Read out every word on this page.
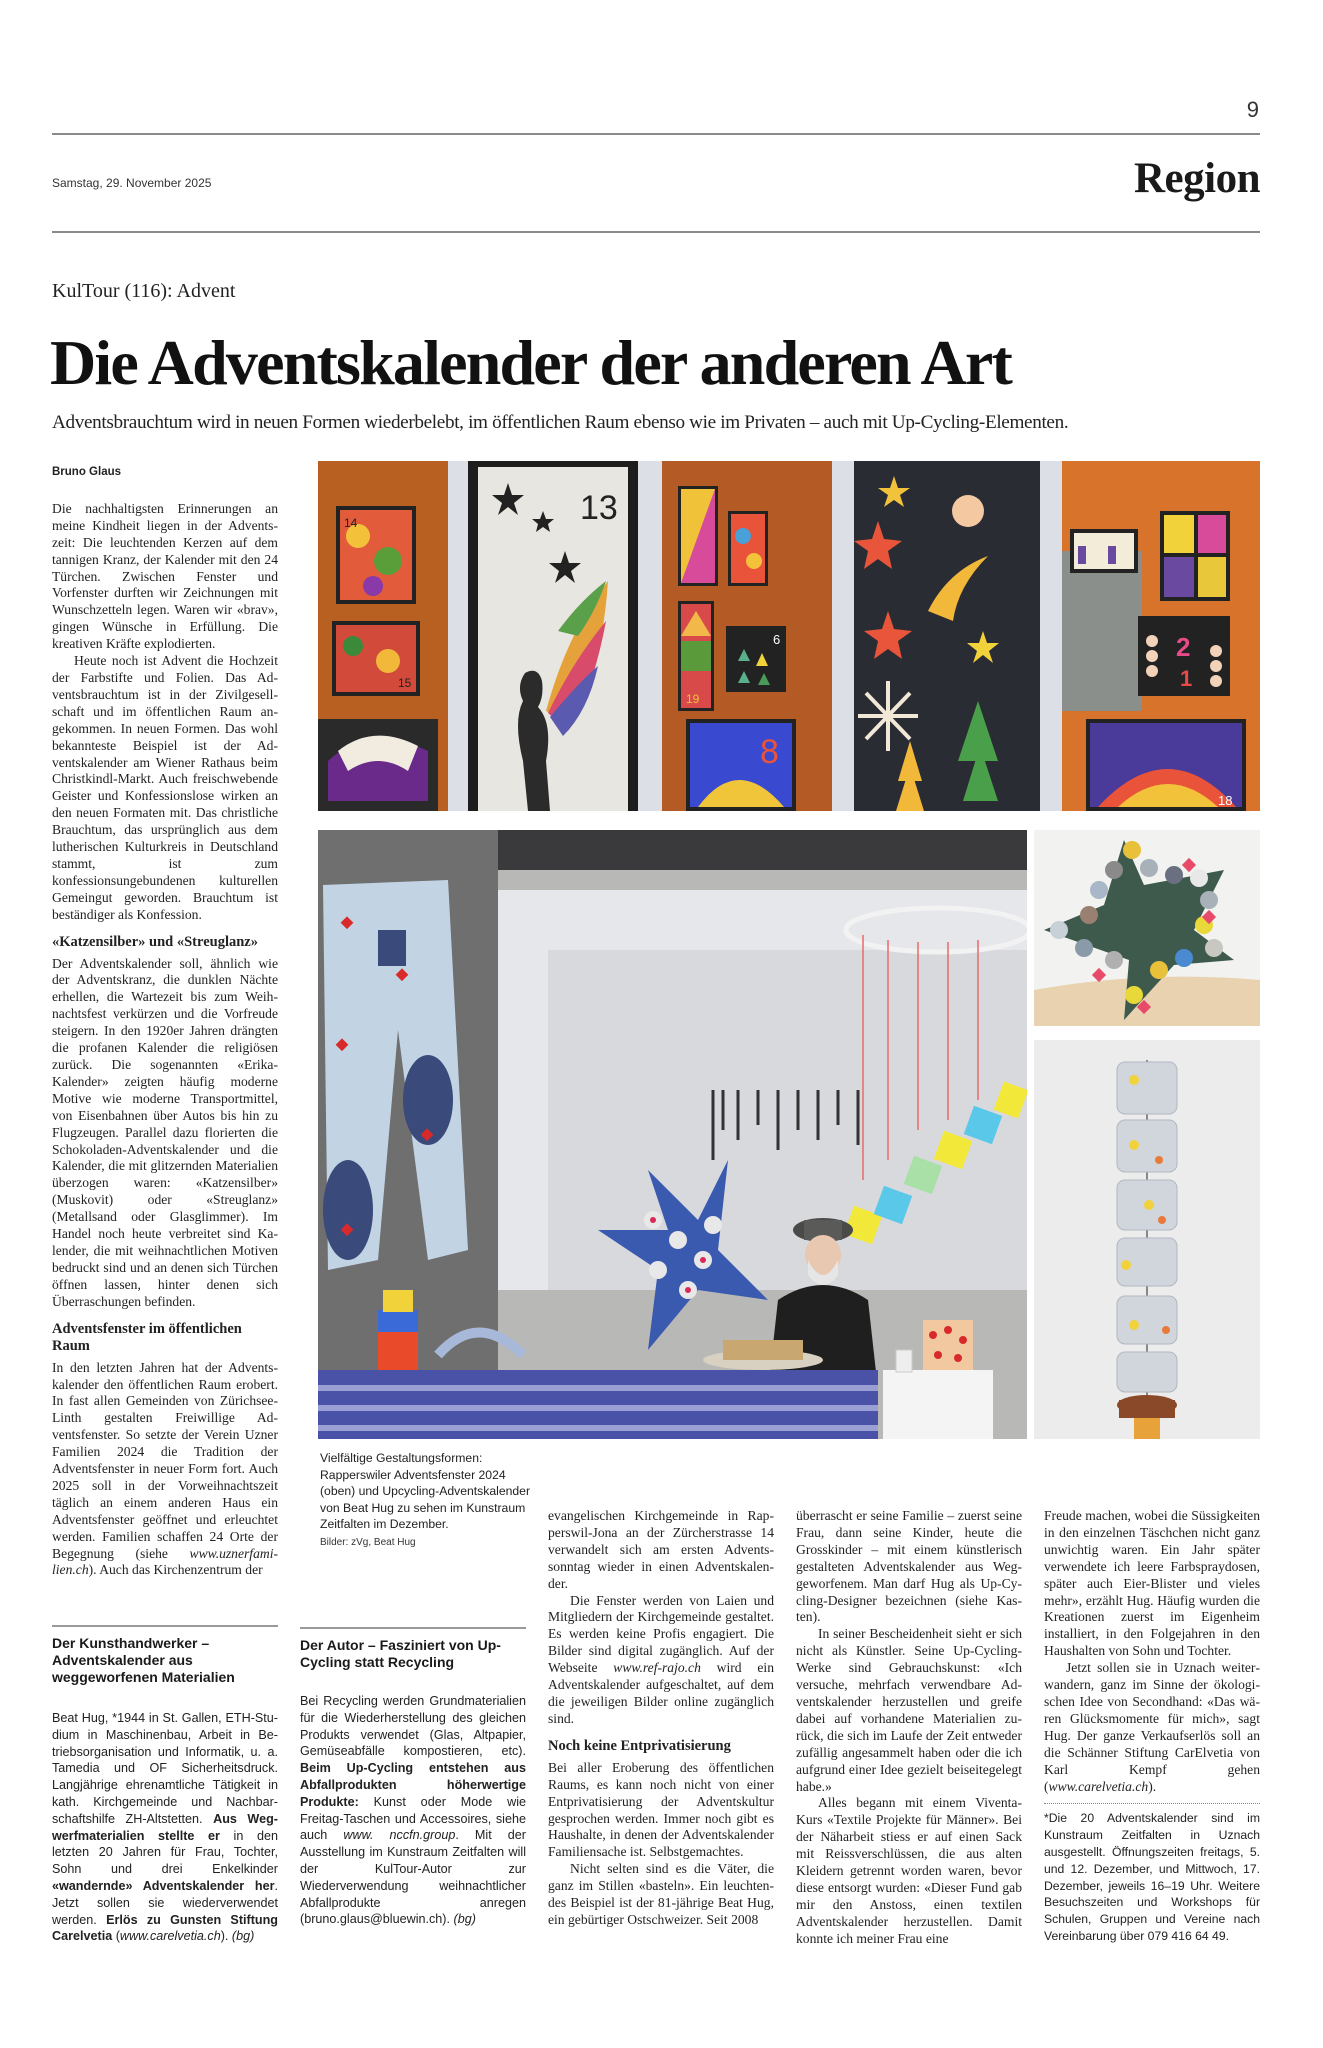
9
Samstag, 29. November 2025	Region
KulTour (116): Advent
Die Adventskalender der anderen Art
Adventsbrauchtum wird in neuen Formen wiederbelebt, im öffentlichen Raum ebenso wie im Privaten – auch mit Up-Cycling-Elementen.
Bruno Glaus

Die nachhaltigsten Erinnerungen an meine Kindheit liegen in der Adventszeit: Die leuchtenden Kerzen auf dem tannigen Kranz, der Kalender mit den 24 Türchen. Zwischen Fenster und Vorfenster durften wir Zeichnungen mit Wunschzetteln legen. Waren wir «brav», gingen Wünsche in Erfüllung. Die kreativen Kräfte explodierten.

Heute noch ist Advent die Hochzeit der Farbstifte und Folien. Das Adventsbrauchtum ist in der Zivilgesellschaft und im öffentlichen Raum angekommen. In neuen Formen. Das wohl bekannteste Beispiel ist der Adventskalender am Wiener Rathaus beim Christkindl-Markt. Auch freischwebende Geister und Konfessionslose wirken an den neuen Formaten mit. Das christliche Brauchtum, das ursprünglich aus dem lutherischen Kulturkreis in Deutschland stammt, ist zum konfessionsungebundenen kulturellen Gemeingut geworden. Brauchtum ist beständiger als Konfession.

«Katzensilber» und «Streuglanz»

Der Adventskalender soll, ähnlich wie der Adventskranz, die dunklen Nächte erhellen, die Wartezeit bis zum Weihnachtsfest verkürzen und die Vorfreude steigern. In den 1920er Jahren drängten die profanen Kalender die religiösen zurück. Die sogenannten «Erika-Kalender» zeigten häufig moderne Motive wie moderne Transportmittel, von Eisenbahnen über Autos bis hin zu Flugzeugen. Parallel dazu florierten die Schokoladen-Adventskalender und die Kalender, die mit glitzernden Materialien überzogen waren: «Katzensilber» (Muskovit) oder «Streuglanz» (Metallsand oder Glasglimmer). Im Handel noch heute verbreitet sind Kalender, die mit weihnachtlichen Motiven bedruckt sind und an denen sich Türchen öffnen lassen, hinter denen sich Überraschungen befinden.

Adventsfenster im öffentlichen Raum

In den letzten Jahren hat der Adventskalender den öffentlichen Raum erobert. In fast allen Gemeinden von Zürichsee-Linth gestalten Freiwillige Adventsfenster. So setzte der Verein Uzner Familien 2024 die Tradition der Adventsfenster in neuer Form fort. Auch 2025 soll in der Vorweihnachtszeit täglich an einem anderen Haus ein Adventsfenster geöffnet und erleuchtet werden. Familien schaffen 24 Orte der Begegnung (siehe www.uznerfamilien.ch). Auch das Kirchenzentrum der

14
15
13
19
6
8
2
1
18
Vielfältige Gestaltungsformen: Rapperswiler Adventsfenster 2024 (oben) und Upcycling-Adventskalender von Beat Hug zu sehen im Kunstraum Zeitfalten im Dezember.
Bilder: zVg, Beat Hug

evangelischen Kirchgemeinde in Rapperswil-Jona an der Zürcherstrasse 14 verwandelt sich am ersten Adventssonntag wieder in einen Adventskalender.

Die Fenster werden von Laien und Mitgliedern der Kirchgemeinde gestaltet. Es werden keine Profis engagiert. Die Bilder sind digital zugänglich. Auf der Webseite www.ref-rajo.ch wird ein Adventskalender aufgeschaltet, auf dem die jeweiligen Bilder online zugänglich sind.

Noch keine Entprivatisierung

Bei aller Eroberung des öffentlichen Raums, es kann noch nicht von einer Entprivatisierung der Adventskultur gesprochen werden. Immer noch gibt es Haushalte, in denen der Adventskalender Familiensache ist. Selbstgemachtes.

Nicht selten sind es die Väter, die ganz im Stillen «basteln». Ein leuchtendes Beispiel ist der 81-jährige Beat Hug, ein gebürtiger Ostschweizer. Seit 2008

überrascht er seine Familie – zuerst seine Frau, dann seine Kinder, heute die Grosskinder – mit einem künstlerisch gestalteten Adventskalender aus Weggeworfenem. Man darf Hug als Up-Cycling-Designer bezeichnen (siehe Kasten).

In seiner Bescheidenheit sieht er sich nicht als Künstler. Seine Up-Cycling-Werke sind Gebrauchskunst: «Ich versuche, mehrfach verwendbare Adventskalender herzustellen und greife dabei auf vorhandene Materialien zurück, die sich im Laufe der Zeit entweder zufällig angesammelt haben oder die ich aufgrund einer Idee gezielt beiseitegelegt habe.»

Alles begann mit einem Viventa-Kurs «Textile Projekte für Männer». Bei der Näharbeit stiess er auf einen Sack mit Reissverschlüssen, die aus alten Kleidern getrennt worden waren, bevor diese entsorgt wurden: «Dieser Fund gab mir den Anstoss, einen textilen Adventskalender herzustellen. Damit konnte ich meiner Frau eine

Freude machen, wobei die Süssigkeiten in den einzelnen Täschchen nicht ganz unwichtig waren. Ein Jahr später verwendete ich leere Farbspraydosen, später auch Eier-Blister und vieles mehr», erzählt Hug. Häufig wurden die Kreationen zuerst im Eigenheim installiert, in den Folgejahren in den Haushalten von Sohn und Tochter.

Jetzt sollen sie in Uznach weiterwandern, ganz im Sinne der ökologischen Idee von Secondhand: «Das wären Glücksmomente für mich», sagt Hug. Der ganze Verkaufserlös soll an die Schänner Stiftung CarElvetia von Karl Kempf gehen (www.carelvetia.ch).

*Die 20 Adventskalender sind im Kunstraum Zeitfalten in Uznach ausgestellt. Öffnungszeiten freitags, 5. und 12. Dezember, und Mittwoch, 17. Dezember, jeweils 16–19 Uhr. Weitere Besuchszeiten und Workshops für Schulen, Gruppen und Vereine nach Vereinbarung über 079 416 64 49.
Der Kunsthandwerker – Adventskalender aus weggeworfenen Materialien
Beat Hug, *1944 in St. Gallen, ETH-Studium in Maschinenbau, Arbeit in Betriebsorganisation und Informatik, u. a. Tamedia und OF Sicherheitsdruck. Langjährige ehrenamtliche Tätigkeit in kath. Kirchgemeinde und Nachbarschaftshilfe ZH-Altstetten. Aus Wegwerfmaterialien stellte er in den letzten 20 Jahren für Frau, Tochter, Sohn und drei Enkelkinder «wandernde» Adventskalender her. Jetzt sollen sie wiederverwendet werden. Erlös zu Gunsten Stiftung Carelvetia (www.carelvetia.ch). (bg)
Der Autor – Fasziniert von Up-Cycling statt Recycling
Bei Recycling werden Grundmaterialien für die Wiederherstellung des gleichen Produkts verwendet (Glas, Altpapier, Gemüseabfälle kompostieren, etc). Beim Up-Cycling entstehen aus Abfallprodukten höherwertige Produkte: Kunst oder Mode wie Freitag-Taschen und Accessoires, siehe auch www. nccfn.group. Mit der Ausstellung im Kunstraum Zeitfalten will der KulTour-Autor zur Wiederverwendung weihnachtlicher Abfallprodukte anregen (bruno.glaus@bluewin.ch). (bg)
